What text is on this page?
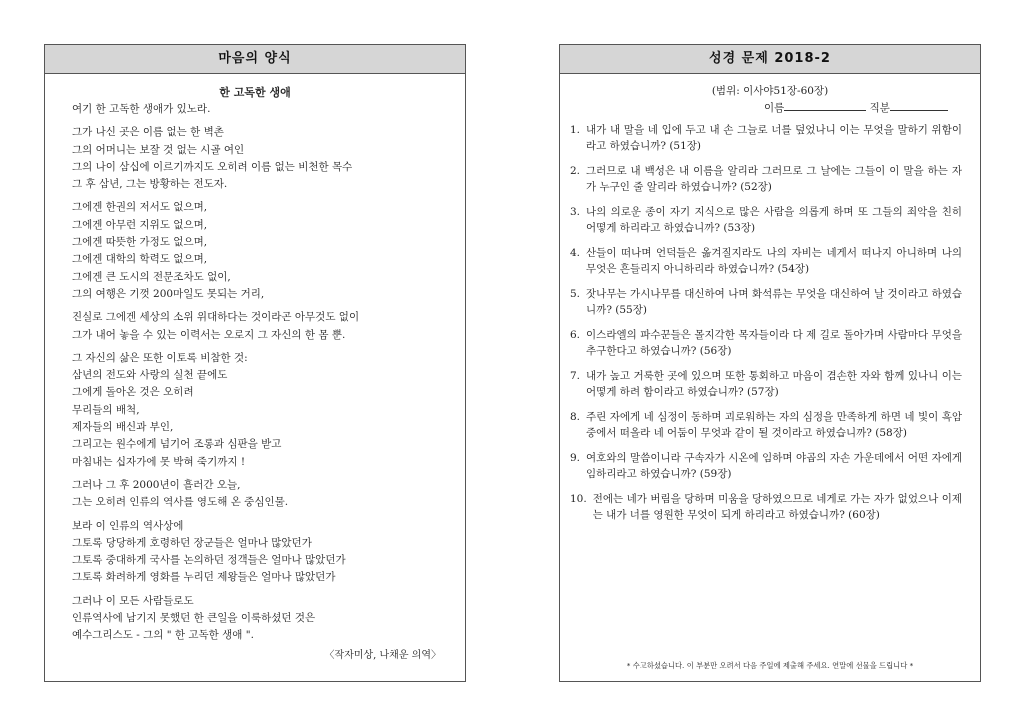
마음의 양식
한 고독한 생애
여기 한 고독한 생애가 있노라.
그가 나신 곳은 이름 없는 한 벽촌
그의 어머니는 보잘 것 없는 시골 여인
그의 나이 삼십에 이르기까지도 오히려 이름 없는 비천한 목수
그 후 삼년, 그는 방황하는 전도자.
그에겐 한권의 저서도 없으며,
그에겐 아무런 지위도 없으며,
그에겐 따뜻한 가정도 없으며,
그에겐 대학의 학력도 없으며,
그에겐 큰 도시의 전문조차도 없이,
그의 여행은 기껏 200마일도 못되는 거리,
진실로 그에겐 세상의 소위 위대하다는 것이라곤 아무것도 없이
그가 내어 놓을 수 있는 이력서는 오로지 그 자신의 한 몸 뿐.
그 자신의 삶은 또한 이토록 비참한 것:
삼년의 전도와 사랑의 실천 끝에도
그에게 돌아온 것은 오히려
무리들의 배척,
제자들의 배신과 부인,
그리고는 원수에게 넘기어 조롱과 심판을 받고
마침내는 십자가에 못 박혀 죽기까지 !
그러나 그 후 2000년이 흘러간 오늘,
그는 오히려 인류의 역사를 영도해 온 중심인물.
보라 이 인류의 역사상에
그토록 당당하게 호령하던 장군들은 얼마나 많았던가
그토록 중대하게 국사를 논의하던 정객들은 얼마나 많았던가
그토록 화려하게 영화를 누리던 제왕들은 얼마나 많았던가
그러나 이 모든 사람들로도
인류역사에 남기지 못했던 한 큰일을 이룩하셨던 것은
예수그리스도 - 그의 " 한 고독한 생애 ".
〈작자미상, 나채운 의역〉
성경 문제 2018-2
(범위: 이사야51장-60장)
이름	직분
1. 내가 내 말을 네 입에 두고 내 손 그늘로 너를 덮었나니 이는 무엇을 말하기 위함이라고 하였습니까? (51장)
2. 그러므로 내 백성은 내 이름을 알리라 그러므로 그 날에는 그들이 이 말을 하는 자가 누구인 줄 알리라 하였습니까? (52장)
3. 나의 의로운 종이 자기 지식으로 많은 사람을 의롭게 하며 또 그들의 죄악을 친히 어떻게 하리라고 하였습니까? (53장)
4. 산들이 떠나며 언덕들은 옮겨질지라도 나의 자비는 네게서 떠나지 아니하며 나의 무엇은 흔들리지 아니하리라 하였습니까? (54장)
5. 잣나무는 가시나무를 대신하여 나며 화석류는 무엇을 대신하여 날 것이라고 하였습니까? (55장)
6. 이스라엘의 파수꾼들은 몰지각한 목자들이라 다 제 길로 돌아가며 사람마다 무엇을 추구한다고 하였습니까? (56장)
7. 내가 높고 거룩한 곳에 있으며 또한 통회하고 마음이 겸손한 자와 함께 있나니 이는 어떻게 하려 함이라고 하였습니까? (57장)
8. 주린 자에게 네 심정이 동하며 괴로워하는 자의 심정을 만족하게 하면 네 빛이 흑암 중에서 떠올라 네 어둠이 무엇과 같이 될 것이라고 하였습니까? (58장)
9. 여호와의 말씀이니라 구속자가 시온에 임하며 야곱의 자손 가운데에서 어떤 자에게 임하리라고 하였습니까? (59장)
10. 전에는 네가 버림을 당하며 미움을 당하였으므로 네게로 가는 자가 없었으나 이제는 내가 너를 영원한 무엇이 되게 하리라고 하였습니까? (60장)
* 수고하셨습니다. 이 부분만 오려서 다음 주일에 제출해 주세요. 연말에 선물을 드립니다 *
